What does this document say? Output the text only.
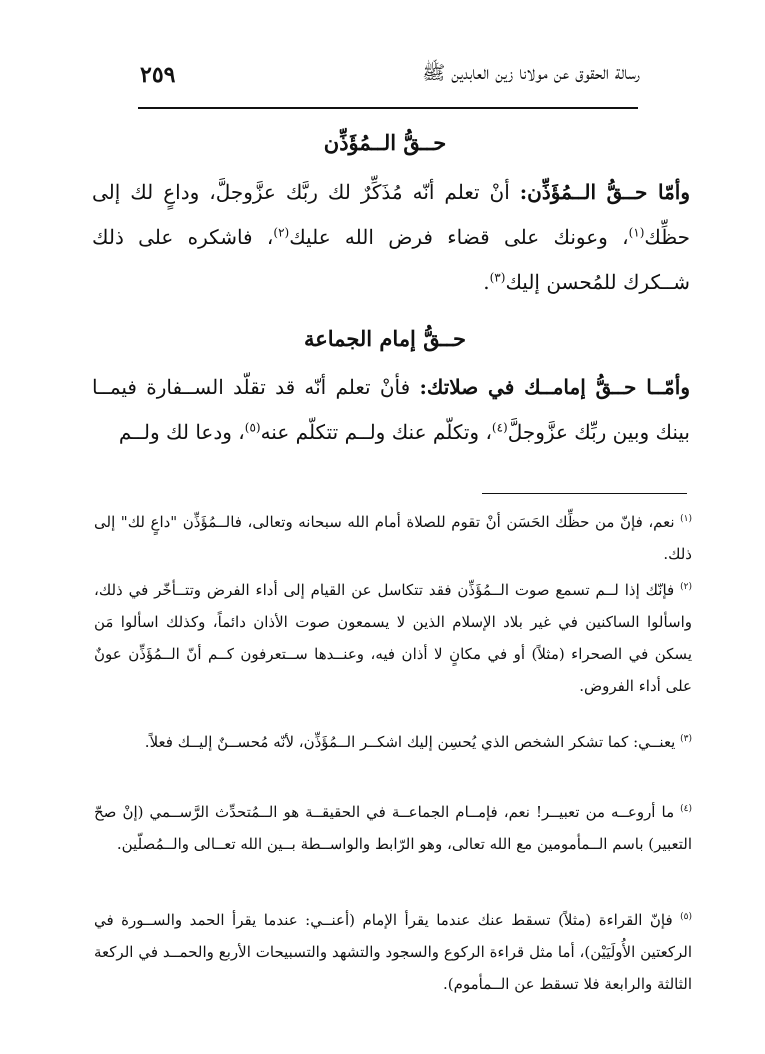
رسالة الحقوق عن مولانا زين العابدين ﷺ
٢٥٩
حــقُّ الــمُؤَذِّن
وأمّا حــقُّ الــمُؤَذِّن: أنْ تعلم أنّه مُذَكِّرٌ لك ربَّك عزَّوجلَّ، وداعٍ لك إلى حظِّك$^{(١)}$، وعونك على قضاء فرض الله عليك$^{(٢)}$، فاشكره على ذلك شــكرك للمُحسن إليك$^{(٣)}$.
حــقُّ إمام الجماعة
وأمّــا حــقُّ إمامــك في صلاتك: فأنْ تعلم أنّه قد تقلّد الســفارة فيمــا بينك وبين ربِّك عزَّوجلَّ$^{(٤)}$، وتكلّم عنك ولــم تتكلّم عنه$^{(٥)}$، ودعا لك ولــم
$^{(١)}$ نعم، فإنّ من حظِّك الحَسَن أنْ تقوم للصلاة أمام الله سبحانه وتعالى، فالــمُؤَذِّن "داعٍ لك" إلى ذلك.
$^{(٢)}$ فإنّك إذا لــم تسمع صوت الــمُؤَذِّن فقد تتكاسل عن القيام إلى أداء الفرض وتتــأخّر في ذلك، واسألوا الساكنين في غير بلاد الإسلام الذين لا يسمعون صوت الأذان دائماً، وكذلك اسألوا مَن يسكن في الصحراء (مثلاً) أو في مكانٍ لا أذان فيه، وعنــدها ســتعرفون كــم أنّ الــمُؤَذِّن عونٌ على أداء الفروض.
$^{(٣)}$ يعنــي: كما تشكر الشخص الذي يُحسِن إليك اشكــر الــمُؤَذِّن، لأنّه مُحســنٌ إليــك فعلاً.
$^{(٤)}$ ما أروعــه من تعبيــر! نعم، فإمــام الجماعــة في الحقيقــة هو الــمُتحدِّث الرَّســمي (إنْ صحّ التعبير) باسم الــمأمومين مع الله تعالى، وهو الرّابط والواســطة بــين الله تعــالى والــمُصلّين.
$^{(٥)}$ فإنّ القراءة (مثلاً) تسقط عنك عندما يقرأ الإمام (أعنــي: عندما يقرأ الحمد والســورة في الركعتين الأُولَيَيْن)، أما مثل قراءة الركوع والسجود والتشهد والتسبيحات الأربع والحمــد في الركعة الثالثة والرابعة فلا تسقط عن الــمأموم).
